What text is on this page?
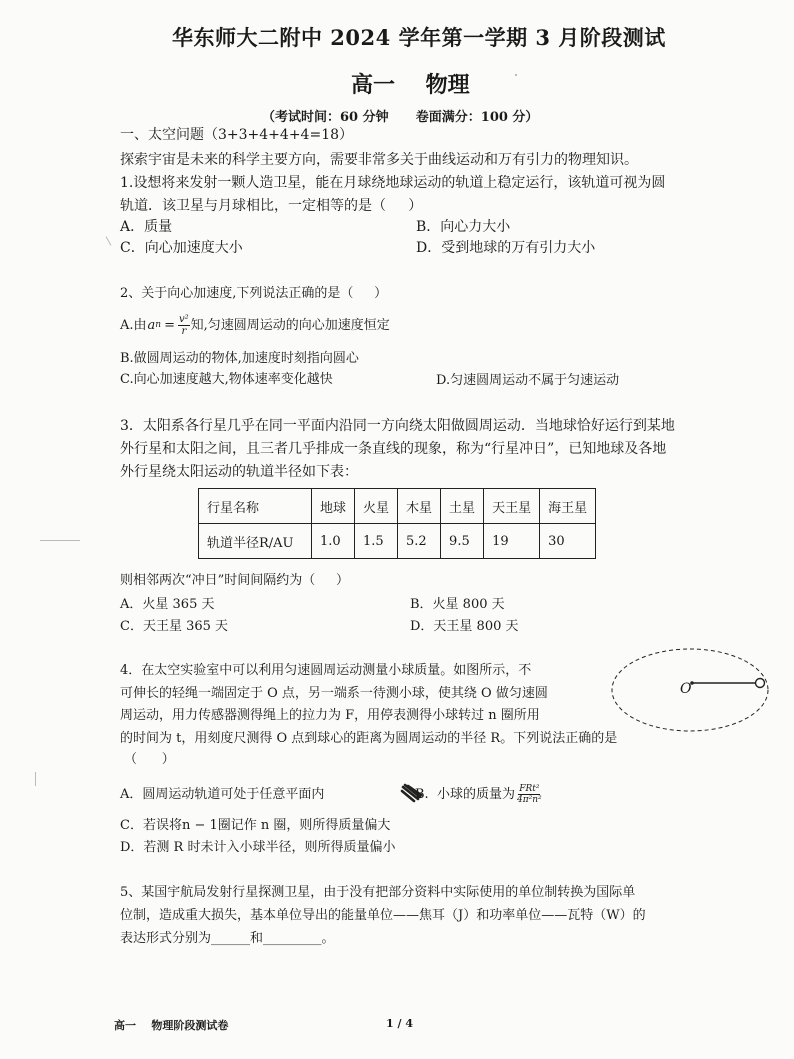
华东师大二附中 2024 学年第一学期 3 月阶段测试
高一    物理
（考试时间：60 分钟      卷面满分：100 分）
一、太空问题（3+3+4+4+4=18）
探索宇宙是未来的科学主要方向，需要非常多关于曲线运动和万有引力的物理知识。
1.设想将来发射一颗人造卫星，能在月球绕地球运动的轨道上稳定运行，该轨道可视为圆
轨道．该卫星与月球相比，一定相等的是（     ）
A．质量	B．向心力大小
C．向心加速度大小	D．受到地球的万有引力大小
2、关于向心加速度,下列说法正确的是（     ）
A.由 a $n = \frac{\text{v²}}{r}$ 知,匀速圆周运动的向心加速度恒定
B.做圆周运动的物体,加速度时刻指向圆心
C.向心加速度越大,物体速率变化越快	D.匀速圆周运动不属于匀速运动
3．太阳系各行星几乎在同一平面内沿同一方向绕太阳做圆周运动．当地球恰好运行到某地
外行星和太阳之间，且三者几乎排成一条直线的现象，称为“行星冲日”，已知地球及各地
外行星绕太阳运动的轨道半径如下表：
行星名称	地球	火星	木星	土星	天王星	海王星
轨道半径R/AU	1.0	1.5	5.2	9.5	19	30
则相邻两次“冲日”时间间隔约为（     ）
A．火星 365 天	B．火星 800 天
C．天王星 365 天	D．天王星 800 天
4．在太空实验室中可以利用匀速圆周运动测量小球质量。如图所示，不
可伸长的轻绳一端固定于 O 点，另一端系一待测小球，使其绕 O 做匀速圆
周运动，用力传感器测得绳上的拉力为 F，用停表测得小球转过 n 圈所用
的时间为 t，用刻度尺测得 O 点到球心的距离为圆周运动的半径 R。下列说法正确的是
（      ）
O
A．圆周运动轨道可处于任意平面内	B. 小球的质量为 FRt²
4π²n²
C．若误将n − 1圈记作 n 圈，则所得质量偏大
D．若测 R 时未计入小球半径，则所得质量偏小
5、某国宇航局发射行星探测卫星，由于没有把部分资料中实际使用的单位制转换为国际单
位制，造成重大损失，基本单位导出的能量单位——焦耳（J）和功率单位——瓦特（W）的
表达形式分别为______和_________。
高一    物理阶段测试卷	1 / 4
